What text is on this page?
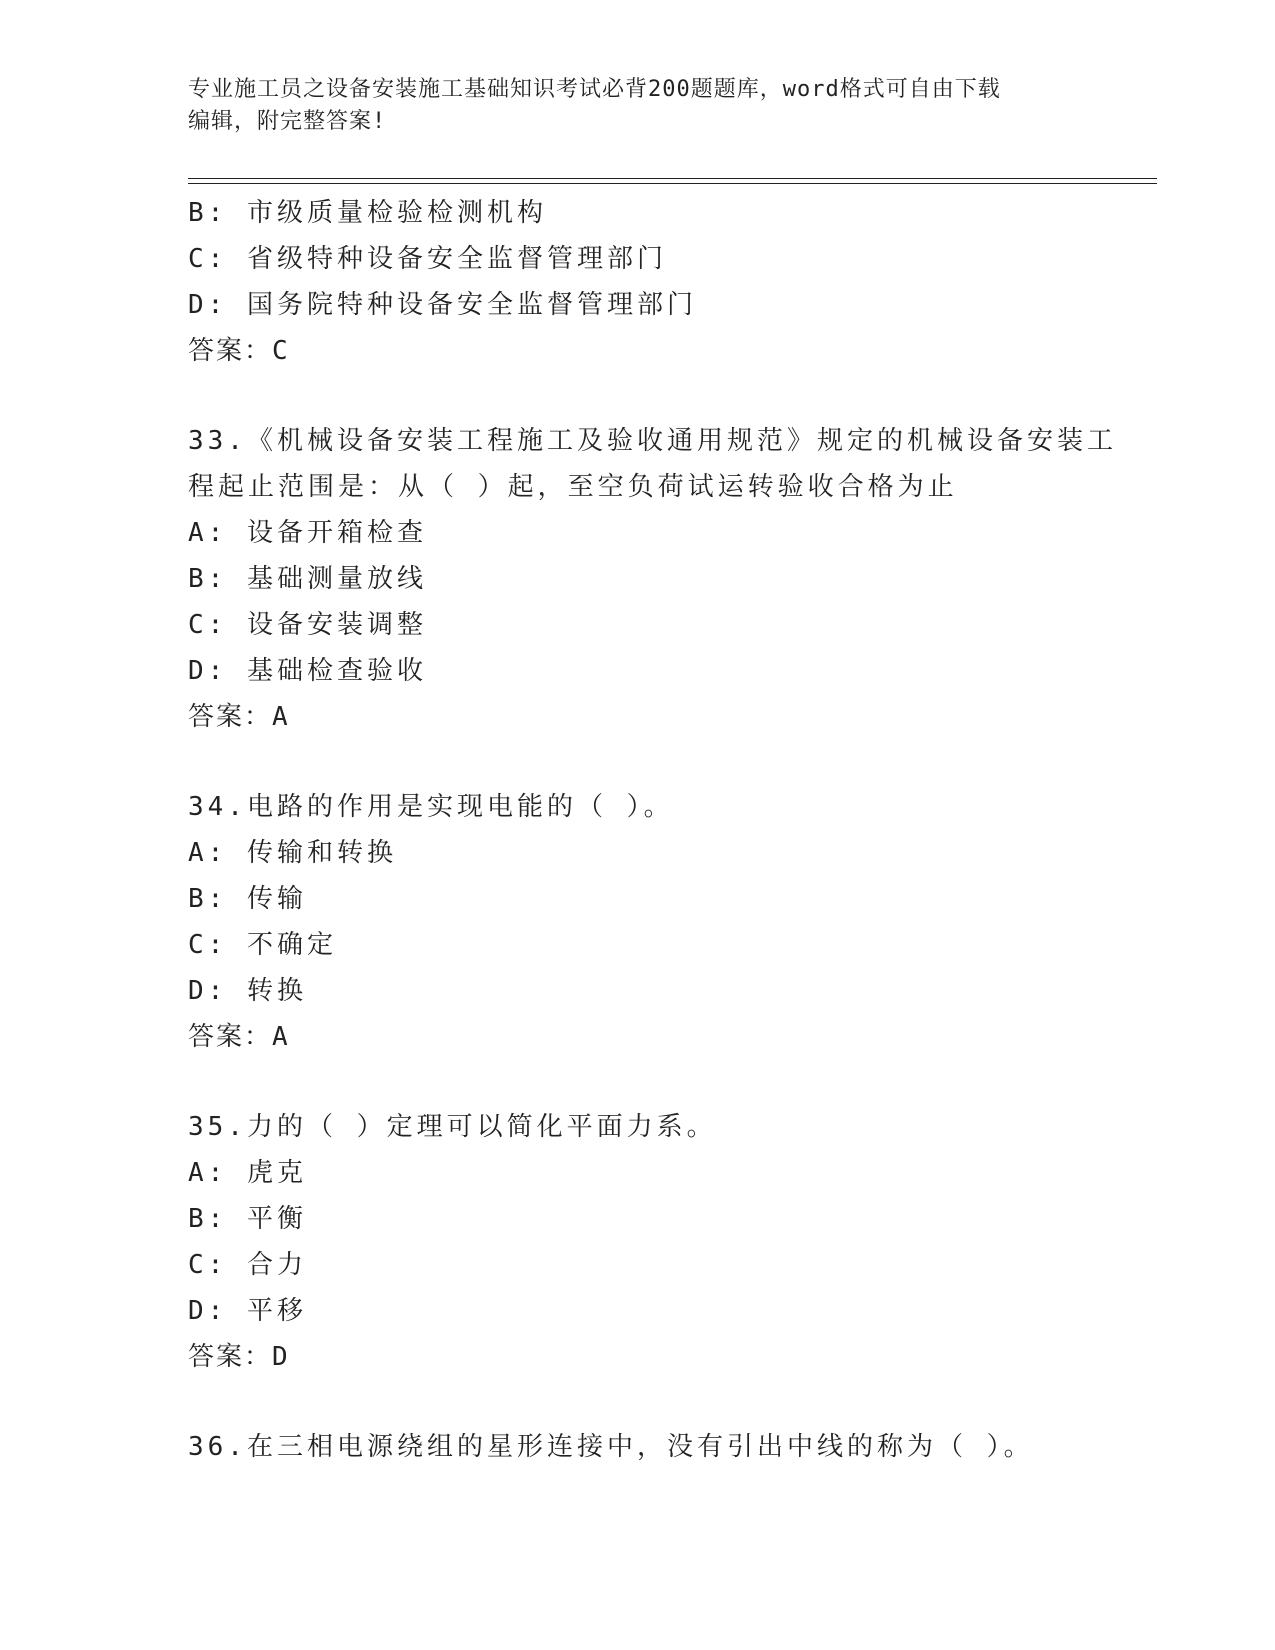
专业施工员之设备安装施工基础知识考试必背200题题库，word格式可自由下载
编辑，附完整答案!
B: 市级质量检验检测机构
C: 省级特种设备安全监督管理部门
D: 国务院特种设备安全监督管理部门
答案：C
33.《机械设备安装工程施工及验收通用规范》规定的机械设备安装工
程起止范围是：从（ ）起，至空负荷试运转验收合格为止
A: 设备开箱检查
B: 基础测量放线
C: 设备安装调整
D: 基础检查验收
答案：A
34.电路的作用是实现电能的（ ）。
A: 传输和转换
B: 传输
C: 不确定
D: 转换
答案：A
35.力的（ ）定理可以简化平面力系。
A: 虎克
B: 平衡
C: 合力
D: 平移
答案：D
36.在三相电源绕组的星形连接中，没有引出中线的称为（ ）。
